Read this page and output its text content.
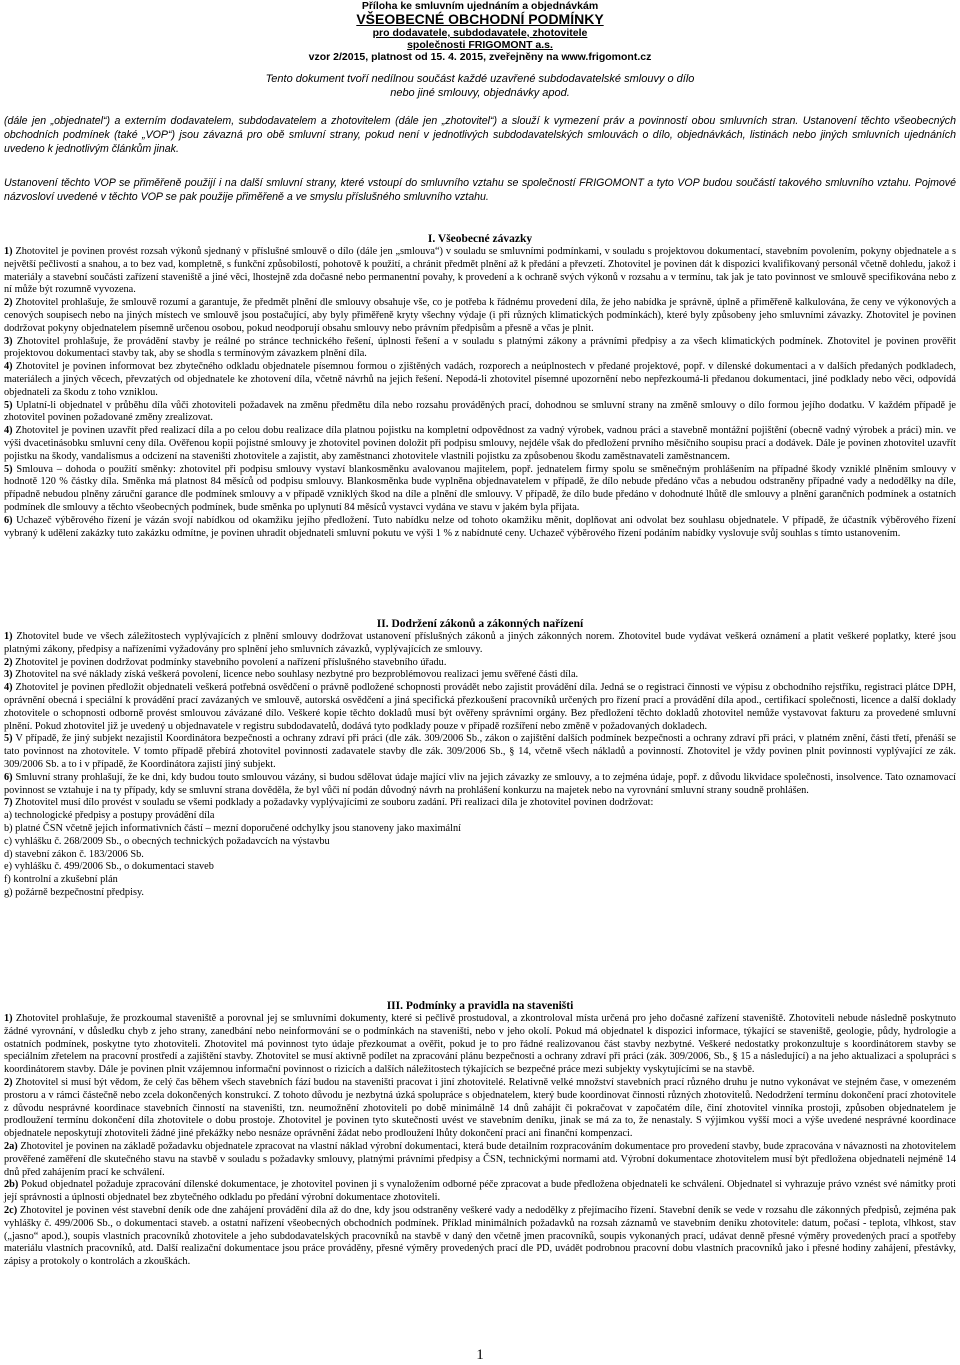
Příloha ke smluvním ujednáním a objednávkám
VŠEOBECNÉ OBCHODNÍ PODMÍNKY
pro dodavatele, subdodavatele, zhotovitele
společnosti FRIGOMONT a.s.
vzor 2/2015, platnost od 15. 4. 2015, zveřejněny na www.frigomont.cz
Tento dokument tvoří nedílnou součást každé uzavřené subdodavatelské smlouvy o dílo
nebo jiné smlouvy, objednávky apod.
(dále jen „objednatel“) a externím dodavatelem, subdodavatelem a zhotovitelem (dále jen „zhotovitel“) a slouží k vymezení práv a povinností obou smluvních stran. Ustanovení těchto všeobecných obchodních podmínek (také „VOP“) jsou závazná pro obě smluvní strany, pokud není v jednotlivých subdodavatelských smlouvách o dílo, objednávkách, listinách nebo jiných smluvních ujednáních uvedeno k jednotlivým článkům jinak.
Ustanovení těchto VOP se přiměřeně použijí i na další smluvní strany, které vstoupí do smluvního vztahu se společností FRIGOMONT a tyto VOP budou součástí takového smluvního vztahu. Pojmové názvosloví uvedené v těchto VOP se pak použije přiměřeně a ve smyslu příslušného smluvního vztahu.
I. Všeobecné závazky

1) Zhotovitel je povinen provést rozsah výkonů sjednaný v příslušné smlouvě o dílo (dále jen „smlouva“) v souladu se smluvními podmínkami, v souladu s projektovou dokumentací, stavebním povolením, pokyny objednatele a s největší pečlivostí a snahou, a to bez vad, kompletně, s funkční způsobilostí, pohotově k použití, a chránit předmět plnění až k předání a převzetí. Zhotovitel je povinen dát k dispozici kvalifikovaný personál včetně dohledu, jakož i materiály a stavební součásti zařízení staveniště a jiné věci, lhostejně zda dočasné nebo permanentní povahy, k provedení a k ochraně svých výkonů v rozsahu a v termínu, tak jak je tato povinnost ve smlouvě specifikována nebo z ní může být rozumně vyvozena.

2) Zhotovitel prohlašuje, že smlouvě rozumí a garantuje, že předmět plnění dle smlouvy obsahuje vše, co je potřeba k řádnému provedení díla, že jeho nabídka je správně, úplně a přiměřeně kalkulována, že ceny ve výkonových a cenových soupisech nebo na jiných místech ve smlouvě jsou postačující, aby byly přiměřeně kryty všechny výdaje (i při různých klimatických podmínkách), které byly způsobeny jeho smluvními závazky. Zhotovitel je povinen dodržovat pokyny objednatelem písemně určenou osobou, pokud neodporují obsahu smlouvy nebo právním předpisům a přesně a včas je plnit.

3) Zhotovitel prohlašuje, že provádění stavby je reálné po stránce technického řešení, úplnosti řešení a v souladu s platnými zákony a právními předpisy a za všech klimatických podmínek. Zhotovitel je povinen prověřit projektovou dokumentaci stavby tak, aby se shodla s termínovým závazkem plnění díla.

4) Zhotovitel je povinen informovat bez zbytečného odkladu objednatele písemnou formou o zjištěných vadách, rozporech a neúplnostech v předané projektové, popř. v dílenské dokumentaci a v dalších předaných podkladech, materiálech a jiných věcech, převzatých od objednatele ke zhotovení díla, včetně návrhů na jejich řešení. Nepodá-li zhotovitel písemné upozornění nebo nepřezkoumá-li předanou dokumentaci, jiné podklady nebo věci, odpovídá objednateli za škodu z toho vzniklou.

5) Uplatní-li objednatel v průběhu díla vůči zhotoviteli požadavek na změnu předmětu díla nebo rozsahu prováděných prací, dohodnou se smluvní strany na změně smlouvy o dílo formou jejího dodatku. V každém případě je zhotovitel povinen požadované změny zrealizovat.

4) Zhotovitel je povinen uzavřít před realizací díla a po celou dobu realizace díla platnou pojistku na kompletní odpovědnost za vadný výrobek, vadnou práci a stavebně montážní pojištění (obecně vadný výrobek a práci) min. ve výši dvacetinásobku smluvní ceny díla. Ověřenou kopii pojistné smlouvy je zhotovitel povinen doložit při podpisu smlouvy, nejdéle však do předložení prvního měsíčního soupisu prací a dodávek. Dále je povinen zhotovitel uzavřít pojistku na škody, vandalismus a odcizení na staveništi zhotovitele a zajistit, aby zaměstnanci zhotovitele vlastnili pojistku za způsobenou škodu zaměstnavateli zaměstnancem.

5) Smlouva – dohoda o použití směnky: zhotovitel při podpisu smlouvy vystaví blankosměnku avalovanou majitelem, popř. jednatelem firmy spolu se směnečným prohlášením na případné škody vzniklé plněním smlouvy v hodnotě 120 % částky díla. Směnka má platnost 84 měsíců od podpisu smlouvy. Blankosměnka bude vyplněna objednavatelem v případě, že dílo nebude předáno včas a nebudou odstraněny případné vady a nedodělky na díle, případně nebudou plněny záruční garance dle podmínek smlouvy a v případě vzniklých škod na díle a plnění dle smlouvy. V případě, že dílo bude předáno v dohodnuté lhůtě dle smlouvy a plnění garančních podmínek a ostatních podmínek dle smlouvy a těchto všeobecných podmínek, bude směnka po uplynutí 84 měsíců vystavci vydána ve stavu v jakém byla přijata.

6) Uchazeč výběrového řízení je vázán svojí nabídkou od okamžiku jejího předložení. Tuto nabídku nelze od tohoto okamžiku měnit, doplňovat ani odvolat bez souhlasu objednatele. V případě, že účastník výběrového řízení vybraný k udělení zakázky tuto zakázku odmítne, je povinen uhradit objednateli smluvní pokutu ve výši 1 % z nabídnuté ceny. Uchazeč výběrového řízení podáním nabídky vyslovuje svůj souhlas s tímto ustanovením.

II. Dodržení zákonů a zákonných nařízení

1) Zhotovitel bude ve všech záležitostech vyplývajících z plnění smlouvy dodržovat ustanovení příslušných zákonů a jiných zákonných norem. Zhotovitel bude vydávat veškerá oznámení a platit veškeré poplatky, které jsou platnými zákony, předpisy a nařízeními vyžadovány pro splnění jeho smluvních závazků, vyplývajících ze smlouvy.

2) Zhotovitel je povinen dodržovat podmínky stavebního povolení a nařízení příslušného stavebního úřadu.

3) Zhotovitel na své náklady získá veškerá povolení, licence nebo souhlasy nezbytné pro bezproblémovou realizaci jemu svěřené části díla.

4) Zhotovitel je povinen předložit objednateli veškerá potřebná osvědčení o právně podložené schopnosti provádět nebo zajistit provádění díla. Jedná se o registraci činnosti ve výpisu z obchodního rejstříku, registraci plátce DPH, oprávnění obecná i speciální k provádění prací zavázaných ve smlouvě, autorská osvědčení a jiná specifická přezkoušení pracovníků určených pro řízení prací a provádění díla apod., certifikací společnosti, licence a další doklady zhotovitele o schopnosti odborně provést smlouvou závázané dílo. Veškeré kopie těchto dokladů musí být ověřeny správními orgány. Bez předložení těchto dokladů zhotovitel nemůže vystavovat fakturu za provedené smluvní plnění. Pokud zhotovitel již je uvedený u objednavatele v registru subdodavatelů, dodává tyto podklady pouze v případě rozšíření nebo změně v požadovaných dokladech.

5) V případě, že jiný subjekt nezajistil Koordinátora bezpečnosti a ochrany zdraví při práci (dle zák. 309/2006 Sb., zákon o zajištění dalších podmínek bezpečnosti a ochrany zdraví při práci, v platném znění, části třetí, přenáší se tato povinnost na zhotovitele. V tomto případě přebírá zhotovitel povinnosti zadavatele stavby dle zák. 309/2006 Sb., § 14, včetně všech nákladů a povinností. Zhotovitel je vždy povinen plnit povinnosti vyplývající ze zák. 309/2006 Sb. a to i v případě, že Koordinátora zajistí jiný subjekt.

6) Smluvní strany prohlašují, že ke dni, kdy budou touto smlouvou vázány, si budou sdělovat údaje mající vliv na jejich závazky ze smlouvy, a to zejména údaje, popř. z důvodu likvidace společnosti, insolvence. Tato oznamovací povinnost se vztahuje i na ty případy, kdy se smluvní strana dověděla, že byl vůči ní podán důvodný návrh na prohlášení konkurzu na majetek nebo na vyrovnání smluvní strany soudně prohlášen.

7) Zhotovitel musí dílo provést v souladu se všemi podklady a požadavky vyplývajícími ze souboru zadání. Při realizaci díla je zhotovitel povinen dodržovat:

a) technologické předpisy a postupy provádění díla

b) platné ČSN včetně jejich informativních částí – mezní doporučené odchylky jsou stanoveny jako maximální

c) vyhlášku č. 268/2009 Sb., o obecných technických požadavcích na výstavbu

d) stavební zákon č. 183/2006 Sb.

e) vyhlášku č. 499/2006 Sb., o dokumentaci staveb

f) kontrolní a zkušební plán

g) požárně bezpečnostní předpisy.

III. Podmínky a pravidla na staveništi

1) Zhotovitel prohlašuje, že prozkoumal staveniště a porovnal jej se smluvními dokumenty, které si pečlivě prostudoval, a zkontroloval místa určená pro jeho dočasné zařízení staveniště. Zhotoviteli nebude následně poskytnuto žádné vyrovnání, v důsledku chyb z jeho strany, zanedbání nebo neinformování se o podmínkách na staveništi, nebo v jeho okolí. Pokud má objednatel k dispozici informace, týkající se staveniště, geologie, půdy, hydrologie a ostatních podmínek, poskytne tyto zhotoviteli. Zhotovitel má povinnost tyto údaje přezkoumat a ověřit, pokud je to pro řádné realizovanou část stavby nezbytné. Veškeré nedostatky prokonzultuje s koordinátorem stavby se speciálním zřetelem na pracovní prostředí a zajištění stavby. Zhotovitel se musí aktivně podílet na zpracování plánu bezpečnosti a ochrany zdraví při práci (zák. 309/2006, Sb., § 15 a následující) a na jeho aktualizaci a spolupráci s koordinátorem stavby. Dále je povinen plnit vzájemnou informační povinnost o rizicích a dalších náležitostech týkajících se bezpečné práce mezi subjekty vyskytujícími se na stavbě.

2) Zhotovitel si musí být vědom, že celý čas během všech stavebních fází budou na staveništi pracovat i jiní zhotovitelé. Relativně velké množství stavebních prací různého druhu je nutno vykonávat ve stejném čase, v omezeném prostoru a v rámci částečně nebo zcela dokončených konstrukcí. Z tohoto důvodu je nezbytná úzká spolupráce s objednatelem, který bude koordinovat činnosti různých zhotovitelů. Nedodržení termínu dokončení prací zhotovitele z důvodu nesprávné koordinace stavebních činností na staveništi, tzn. neumožnění zhotoviteli po době minimálně 14 dnů zahájit či pokračovat v započatém díle, činí zhotovitel vinníka prostoji, způsoben objednatelem je prodloužení termínu dokončení díla zhotovitele o dobu prostoje. Zhotovitel je povinen tyto skutečnosti uvést ve stavebním deníku, jinak se má za to, že nenastaly. S výjimkou vyšší moci a výše uvedené nesprávné koordinace objednatele neposkytují zhotoviteli žádné jiné překážky nebo nesnáze oprávnění žádat nebo prodloužení lhůty dokončení prací ani finanční kompenzaci.

2a) Zhotovitel je povinen na základě požadavku objednatele zpracovat na vlastní náklad výrobní dokumentaci, která bude detailním rozpracováním dokumentace pro provedení stavby, bude zpracována v návaznosti na zhotovitelem prověřené zaměření dle skutečného stavu na stavbě v souladu s požadavky smlouvy, platnými právními předpisy a ČSN, technickými normami atd. Výrobní dokumentace zhotovitelem musí být předložena objednateli nejméně 14 dnů před zahájením prací ke schválení.

2b) Pokud objednatel požaduje zpracování dílenské dokumentace, je zhotovitel povinen ji s vynaložením odborné péče zpracovat a bude předložena objednateli ke schválení. Objednatel si vyhrazuje právo vznést své námitky proti její správnosti a úplnosti objednatel bez zbytečného odkladu po předání výrobní dokumentace zhotoviteli.

2c) Zhotovitel je povinen vést stavební deník ode dne zahájení provádění díla až do dne, kdy jsou odstraněny veškeré vady a nedodělky z přejímacího řízení. Stavební deník se vede v rozsahu dle zákonných předpisů, zejména pak vyhlášky č. 499/2006 Sb., o dokumentaci staveb. a ostatní nařízení všeobecných obchodních podmínek. Příklad minimálních požadavků na rozsah záznamů ve stavebním deníku zhotovitele: datum, počasí - teplota, vlhkost, stav („jasno“ apod.), soupis vlastních pracovníků zhotovitele a jeho subdodavatelských pracovníků na stavbě v daný den včetně jmen pracovníků, soupis vykonaných prací, udávat denně přesné výměry provedených prací a spotřeby materiálu vlastních pracovníků, atd. Další realizační dokumentace jsou práce prováděny, přesné výměry provedených prací dle PD, uvádět podrobnou pracovní dobu vlastních pracovníků jako i přesné hodiny zahájení, přestávky, zápisy a protokoly o kontrolách a zkouškách.

1
